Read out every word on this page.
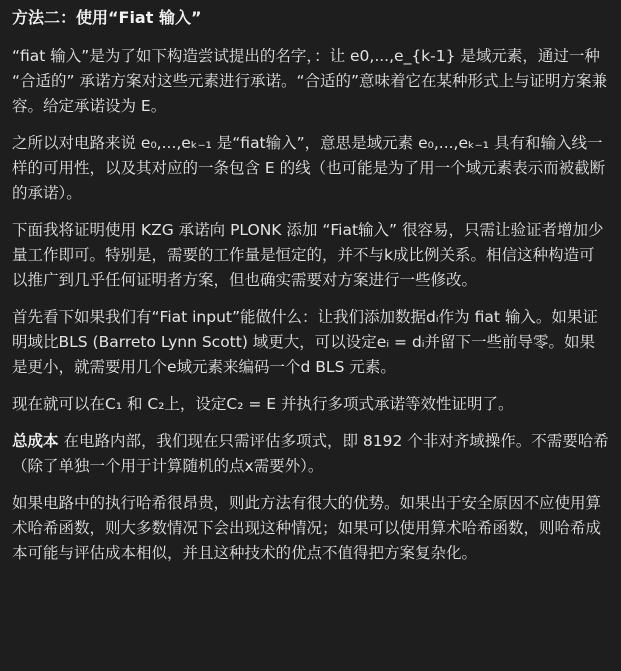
方法二：使用“Fiat 输入”

“fiat 输入”是为了如下构造尝试提出的名字，：让 e0,...,e_{k-1} 是域元素，通过一种 “合适的” 承诺方案对这些元素进行承诺。“合适的”意味着它在某种形式上与证明方案兼容。给定承诺设为 E。

之所以对电路来说 e₀,...,eₖ₋₁ 是“fiat输入”，意思是域元素 e₀,...,eₖ₋₁ 具有和输入线一样的可用性，以及其对应的一条包含 E 的线（也可能是为了用一个域元素表示而被截断的承诺）。

下面我将证明使用 KZG 承诺向 PLONK 添加 “Fiat输入” 很容易，只需让验证者增加少量工作即可。特别是，需要的工作量是恒定的，并不与k成比例关系。相信这种构造可以推广到几乎任何证明者方案，但也确实需要对方案进行一些修改。

首先看下如果我们有“Fiat input”能做什么：让我们添加数据dᵢ作为 fiat 输入。如果证明域比BLS (Barreto Lynn Scott) 域更大，可以设定eᵢ = dᵢ并留下一些前导零。如果是更小，就需要用几个e域元素来编码一个d BLS 元素。

现在就可以在C₁ 和 C₂上，设定C₂ = E 并执行多项式承诺等效性证明了。

总成本 在电路内部，我们现在只需评估多项式，即 8192 个非对齐域操作。不需要哈希（除了单独一个用于计算随机的点x需要外）。

如果电路中的执行哈希很昂贵，则此方法有很大的优势。如果出于安全原因不应使用算术哈希函数，则大多数情况下会出现这种情况；如果可以使用算术哈希函数，则哈希成本可能与评估成本相似，并且这种技术的优点不值得把方案复杂化。
